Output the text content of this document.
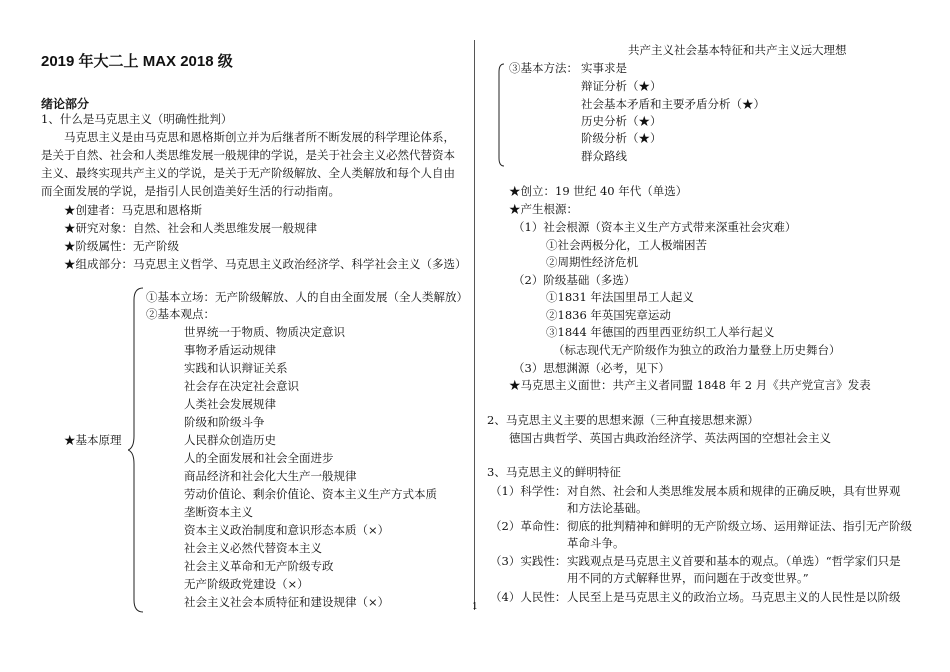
2019 年大二上 MAX 2018 级
绪论部分
1、什么是马克思主义（明确性批判）
马克思主义是由马克思和恩格斯创立并为后继者所不断发展的科学理论体系，是关于自然、社会和人类思维发展一般规律的学说，是关于社会主义必然代替资本主义、最终实现共产主义的学说，是关于无产阶级解放、全人类解放和每个人自由而全面发展的学说，是指引人民创造美好生活的行动指南。
★创建者：马克思和恩格斯
★研究对象：自然、社会和人类思维发展一般规律
★阶级属性：无产阶级
★组成部分：马克思主义哲学、马克思主义政治经济学、科学社会主义（多选）
★基本原理
①基本立场：无产阶级解放、人的自由全面发展（全人类解放）
②基本观点：
世界统一于物质、物质决定意识
事物矛盾运动规律
实践和认识辩证关系
社会存在决定社会意识
人类社会发展规律
阶级和阶级斗争
人民群众创造历史
人的全面发展和社会全面进步
商品经济和社会化大生产一般规律
劳动价值论、剩余价值论、资本主义生产方式本质
垄断资本主义
资本主义政治制度和意识形态本质（×）
社会主义必然代替资本主义
社会主义革命和无产阶级专政
无产阶级政党建设（×）
社会主义社会本质特征和建设规律（×）	1
共产主义社会基本特征和共产主义远大理想
③基本方法： 实事求是
辩证分析（★）
社会基本矛盾和主要矛盾分析（★）
历史分析（★）
阶级分析（★）
群众路线
★创立：19 世纪 40 年代（单选）
★产生根源：
（1）社会根源（资本主义生产方式带来深重社会灾难）
①社会两极分化，工人极端困苦
②周期性经济危机
（2）阶级基础（多选）
①1831 年法国里昂工人起义
②1836 年英国宪章运动
③1844 年德国的西里西亚纺织工人举行起义
（标志现代无产阶级作为独立的政治力量登上历史舞台）
（3）思想渊源（必考，见下）
★马克思主义面世：共产主义者同盟 1848 年 2 月《共产党宣言》发表
2、马克思主义主要的思想来源（三种直接思想来源）
德国古典哲学、英国古典政治经济学、英法两国的空想社会主义
3、马克思主义的鲜明特征
（1）科学性： 对自然、社会和人类思维发展本质和规律的正确反映，具有世界观和方法论基础。
（2）革命性： 彻底的批判精神和鲜明的无产阶级立场、运用辩证法、指引无产阶级革命斗争。
（3）实践性： 实践观点是马克思主义首要和基本的观点。（单选）“哲学家们只是用不同的方式解释世界，而问题在于改变世界。”
（4）人民性： 人民至上是马克思主义的政治立场。马克思主义的人民性是以阶级
